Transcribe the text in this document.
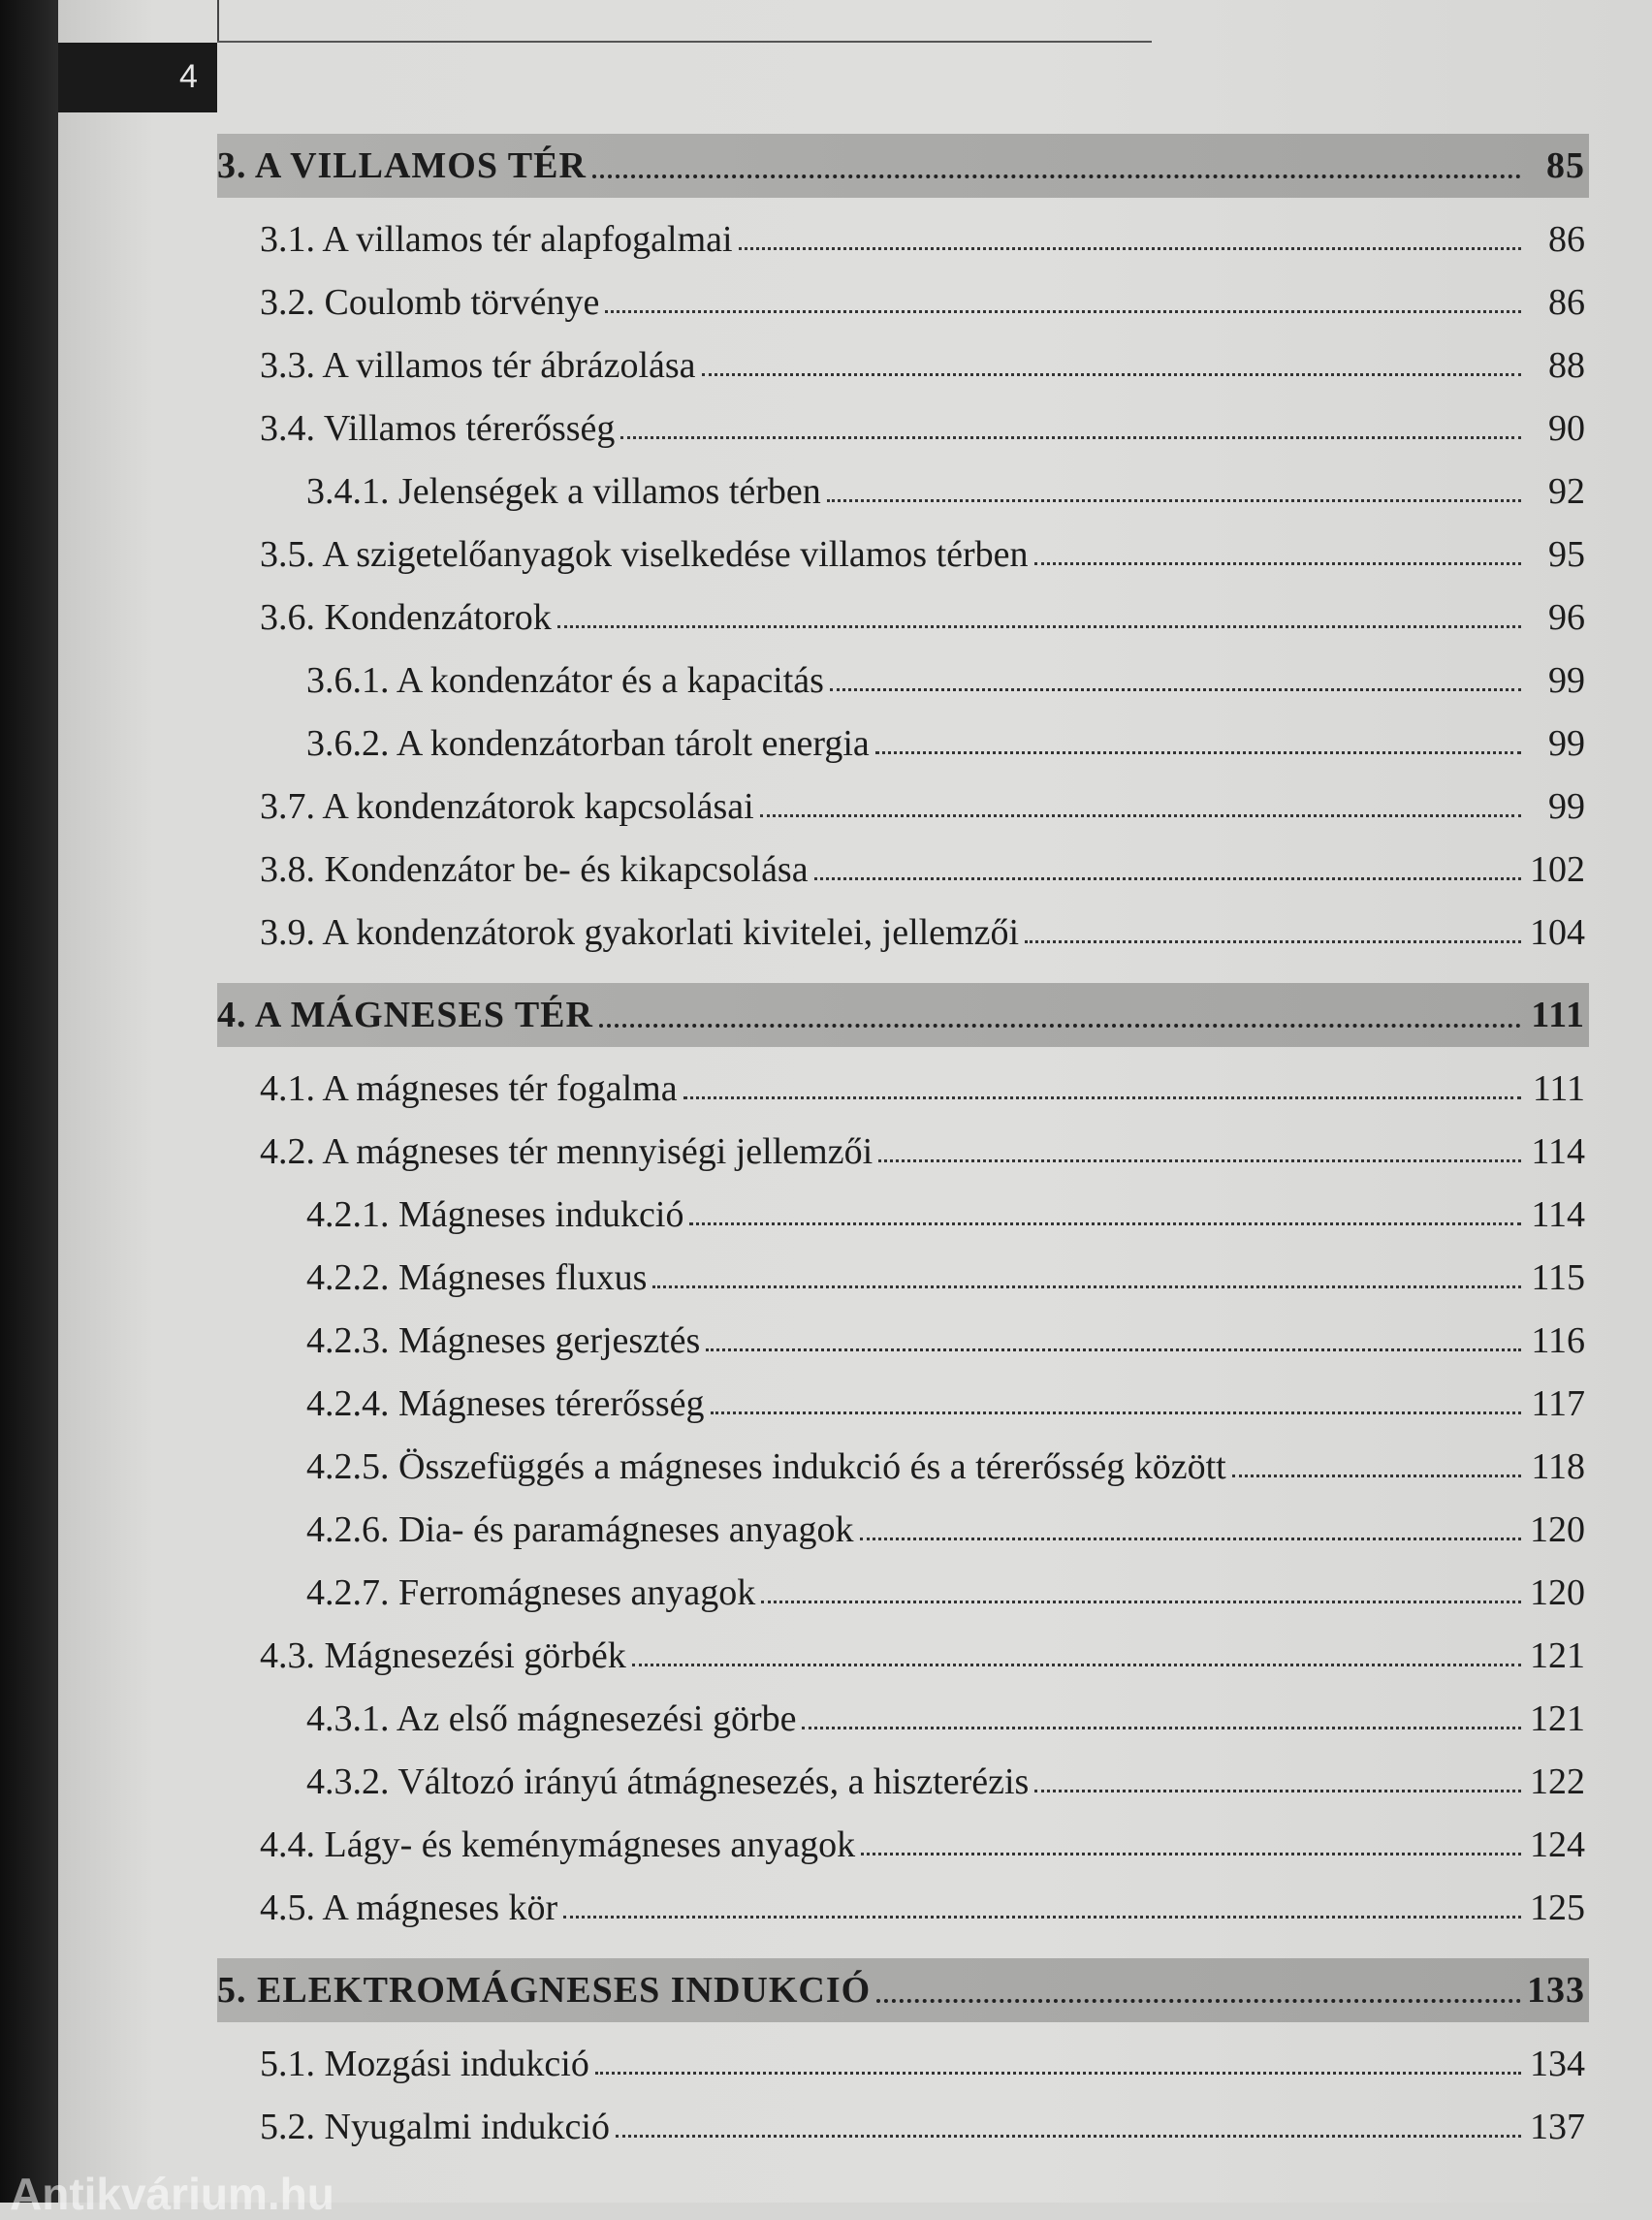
4
3. A VILLAMOS TÉR	85
3.1. A villamos tér alapfogalmai	86
3.2. Coulomb törvénye	86
3.3. A villamos tér ábrázolása	88
3.4. Villamos térerősség	90
3.4.1. Jelenségek a villamos térben	92
3.5. A szigetelőanyagok viselkedése villamos térben	95
3.6. Kondenzátorok	96
3.6.1. A kondenzátor és a kapacitás	99
3.6.2. A kondenzátorban tárolt energia	99
3.7. A kondenzátorok kapcsolásai	99
3.8. Kondenzátor be- és kikapcsolása	102
3.9. A kondenzátorok gyakorlati kivitelei, jellemzői	104
4. A MÁGNESES TÉR	111
4.1. A mágneses tér fogalma	111
4.2. A mágneses tér mennyiségi jellemzői	114
4.2.1. Mágneses indukció	114
4.2.2. Mágneses fluxus	115
4.2.3. Mágneses gerjesztés	116
4.2.4. Mágneses térerősség	117
4.2.5. Összefüggés a mágneses indukció és a térerősség között	118
4.2.6. Dia- és paramágneses anyagok	120
4.2.7. Ferromágneses anyagok	120
4.3. Mágnesezési görbék	121
4.3.1. Az első mágnesezési görbe	121
4.3.2. Változó irányú átmágnesezés, a hiszterézis	122
4.4. Lágy- és keménymágneses anyagok	124
4.5. A mágneses kör	125
5. ELEKTROMÁGNESES INDUKCIÓ	133
5.1. Mozgási indukció	134
5.2. Nyugalmi indukció	137
Antikvárium.hu
